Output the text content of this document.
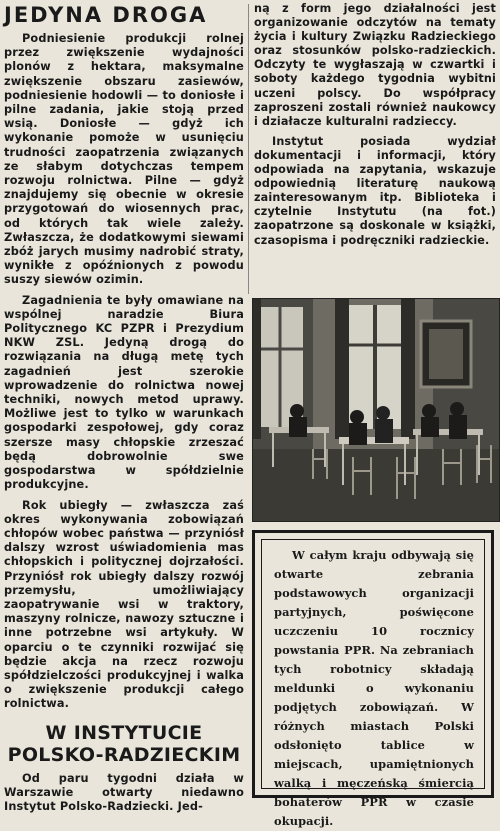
JEDYNA DROGA

Podniesienie produkcji rolnej przez zwiększenie wydajności plonów z hektara, maksymalne zwiększenie obszaru zasiewów, podniesienie hodowli — to doniosłe i pilne zadania, jakie stoją przed wsią. Doniosłe — gdyż ich wykonanie pomoże w usunięciu trudności zaopatrzenia związanych ze słabym dotychczas tempem rozwoju rolnictwa. Pilne — gdyż znajdujemy się obecnie w okresie przygotowań do wiosennych prac, od których tak wiele zależy. Zwłaszcza, że dodatkowymi siewami zbóż jarych musimy nadrobić straty, wynikłe z opóźnionych z powodu suszy siewów ozimin.

Zagadnienia te były omawiane na wspólnej naradzie Biura Politycznego KC PZPR i Prezydium NKW ZSL. Jedyną drogą do rozwiązania na długą metę tych zagadnień jest szerokie wprowadzenie do rolnictwa nowej techniki, nowych metod uprawy. Możliwe jest to tylko w warunkach gospodarki zespołowej, gdy coraz szersze masy chłopskie zrzeszać będą dobrowolnie swe gospodarstwa w spółdzielnie produkcyjne.

Rok ubiegły — zwłaszcza zaś okres wykonywania zobowiązań chłopów wobec państwa — przyniósł dalszy wzrost uświadomienia mas chłopskich i politycznej dojrzałości. Przyniósł rok ubiegły dalszy rozwój przemysłu, umożliwiający zaopatrywanie wsi w traktory, maszyny rolnicze, nawozy sztuczne i inne potrzebne wsi artykuły. W oparciu o te czynniki rozwijać się będzie akcja na rzecz rozwoju spółdzielczości produkcyjnej i walka o zwiększenie produkcji całego rolnictwa.

W INSTYTUCIE
POLSKO-RADZIECKIM

Od paru tygodni działa w Warszawie otwarty niedawno Instytut Polsko-Radziecki. Jed-

ną z form jego działalności jest organizowanie odczytów na tematy życia i kultury Związku Radzieckiego oraz stosunków polsko-radzieckich. Odczyty te wygłaszają w czwartki i soboty każdego tygodnia wybitni uczeni polscy. Do współpracy zaproszeni zostali również naukowcy i działacze kulturalni radzieccy.

Instytut posiada wydział dokumentacji i informacji, który odpowiada na zapytania, wskazuje odpowiednią literaturę naukową zainteresowanym itp. Biblioteka i czytelnie Instytutu (na fot.) zaopatrzone są doskonale w książki, czasopisma i podręczniki radzieckie.

W całym kraju odbywają się otwarte zebrania podstawowych organizacji partyjnych, poświęcone uczczeniu 10 rocznicy powstania PPR. Na zebraniach tych robotnicy składają meldunki o wykonaniu podjętych zobowiązań. W różnych miastach Polski odsłonięto tablice w miejscach, upamiętnionych walką i męczeńską śmiercią bohaterów PPR w czasie okupacji.
